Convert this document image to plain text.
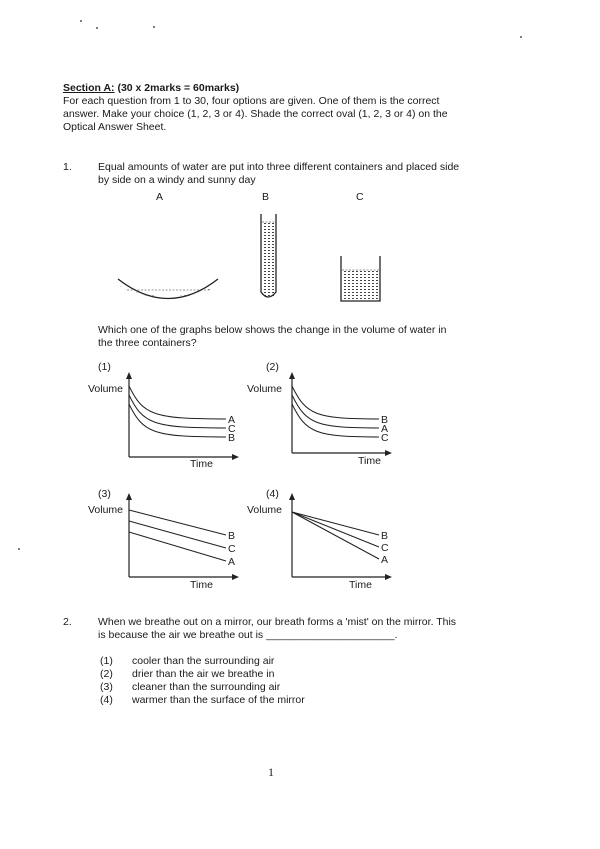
Section A: (30 x 2marks = 60marks)
For each question from 1 to 30, four options are given. One of them is the correct
answer. Make your choice (1, 2, 3 or 4). Shade the correct oval (1, 2, 3 or 4) on the
Optical Answer Sheet.
1. Equal amounts of water are put into three different containers and placed side
by side on a windy and sunny day
A	B	C
Which one of the graphs below shows the change in the volume of water in
the three containers?
(1)
Volume
Time
(2)
Volume
Time
(3)
Volume
Time
(4)
Volume
Time
A
C
B
B
A
C
B
C
A
B
C
A
2. When we breathe out on a mirror, our breath forms a 'mist' on the mirror. This
is because the air we breathe out is ______________________.
(1) cooler than the surrounding air
(2) drier than the air we breathe in
(3) cleaner than the surrounding air
(4) warmer than the surface of the mirror
1
